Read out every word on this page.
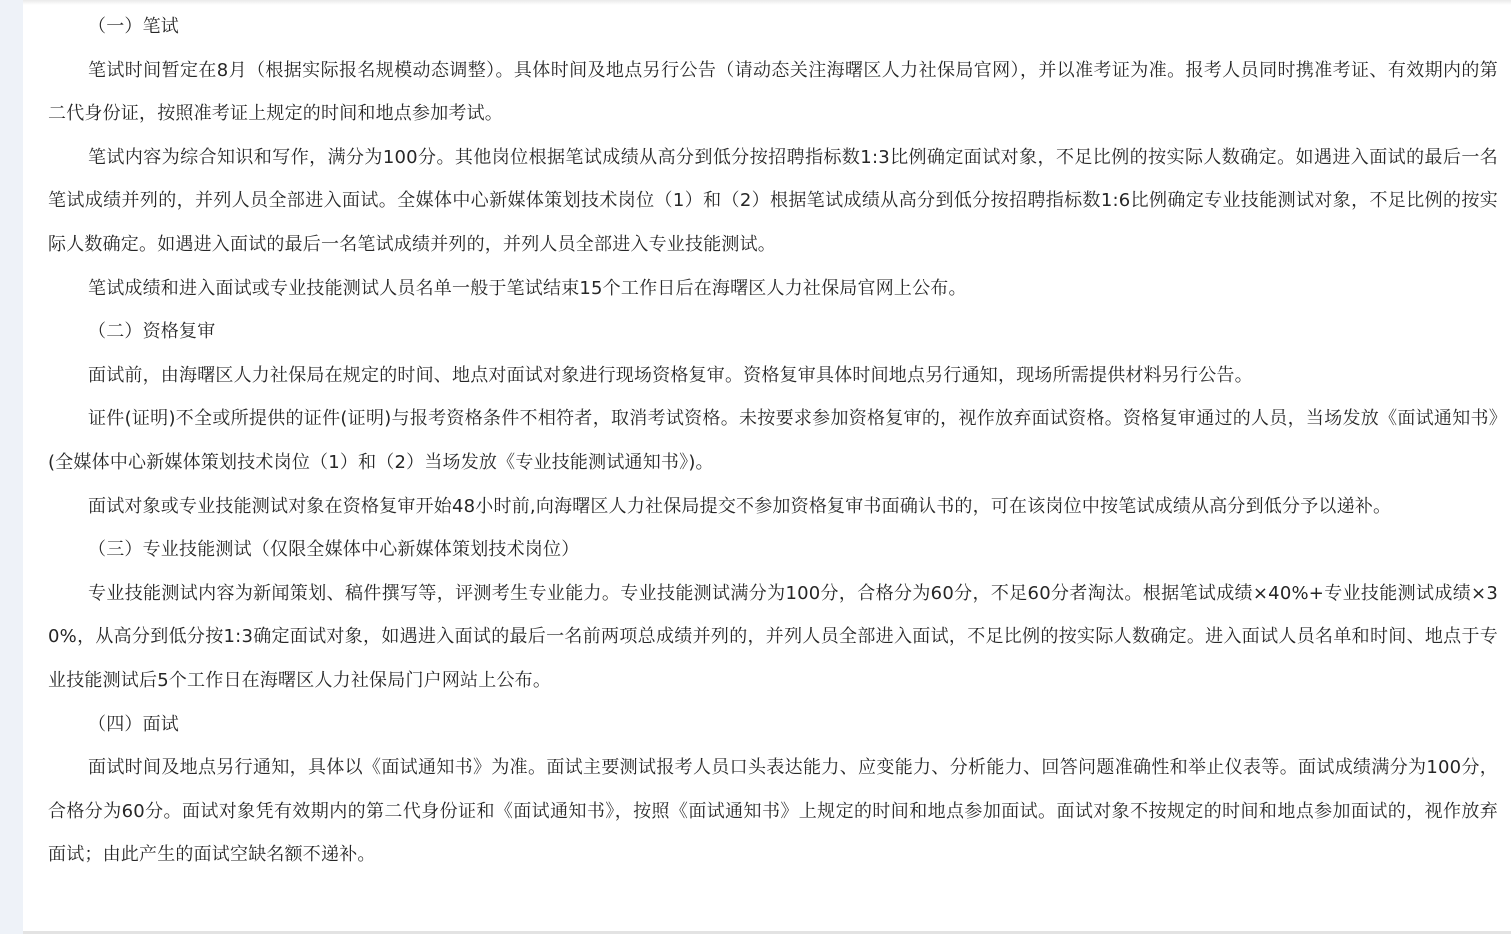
（一）笔试

笔试时间暂定在8月（根据实际报名规模动态调整）。具体时间及地点另行公告（请动态关注海曙区人力社保局官网），并以准考证为准。报考人员同时携准考证、有效期内的第二代身份证，按照准考证上规定的时间和地点参加考试。

笔试内容为综合知识和写作，满分为100分。其他岗位根据笔试成绩从高分到低分按招聘指标数1:3比例确定面试对象，不足比例的按实际人数确定。如遇进入面试的最后一名笔试成绩并列的，并列人员全部进入面试。全媒体中心新媒体策划技术岗位（1）和（2）根据笔试成绩从高分到低分按招聘指标数1:6比例确定专业技能测试对象，不足比例的按实际人数确定。如遇进入面试的最后一名笔试成绩并列的，并列人员全部进入专业技能测试。

笔试成绩和进入面试或专业技能测试人员名单一般于笔试结束15个工作日后在海曙区人力社保局官网上公布。

（二）资格复审

面试前，由海曙区人力社保局在规定的时间、地点对面试对象进行现场资格复审。资格复审具体时间地点另行通知，现场所需提供材料另行公告。

证件(证明)不全或所提供的证件(证明)与报考资格条件不相符者，取消考试资格。未按要求参加资格复审的，视作放弃面试资格。资格复审通过的人员，当场发放《面试通知书》(全媒体中心新媒体策划技术岗位（1）和（2）当场发放《专业技能测试通知书》)。

面试对象或专业技能测试对象在资格复审开始48小时前,向海曙区人力社保局提交不参加资格复审书面确认书的，可在该岗位中按笔试成绩从高分到低分予以递补。

（三）专业技能测试（仅限全媒体中心新媒体策划技术岗位）

专业技能测试内容为新闻策划、稿件撰写等，评测考生专业能力。专业技能测试满分为100分，合格分为60分，不足60分者淘汰。根据笔试成绩×40%+专业技能测试成绩×30%，从高分到低分按1:3确定面试对象，如遇进入面试的最后一名前两项总成绩并列的，并列人员全部进入面试，不足比例的按实际人数确定。进入面试人员名单和时间、地点于专业技能测试后5个工作日在海曙区人力社保局门户网站上公布。

（四）面试

面试时间及地点另行通知，具体以《面试通知书》为准。面试主要测试报考人员口头表达能力、应变能力、分析能力、回答问题准确性和举止仪表等。面试成绩满分为100分，合格分为60分。面试对象凭有效期内的第二代身份证和《面试通知书》，按照《面试通知书》上规定的时间和地点参加面试。面试对象不按规定的时间和地点参加面试的，视作放弃面试；由此产生的面试空缺名额不递补。
